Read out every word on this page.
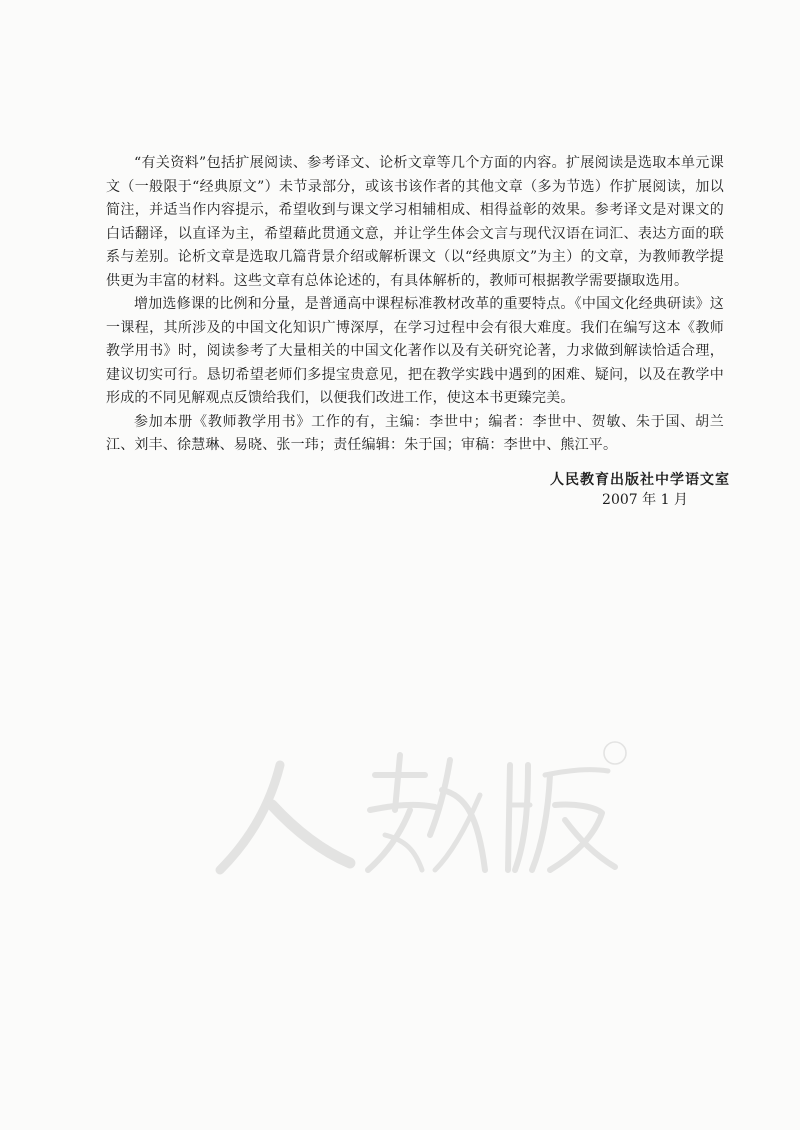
“有关资料”包括扩展阅读、参考译文、论析文章等几个方面的内容。扩展阅读是选取本单元课文（一般限于“经典原文”）未节录部分，或该书该作者的其他文章（多为节选）作扩展阅读，加以简注，并适当作内容提示，希望收到与课文学习相辅相成、相得益彰的效果。参考译文是对课文的白话翻译，以直译为主，希望藉此贯通文意，并让学生体会文言与现代汉语在词汇、表达方面的联系与差别。论析文章是选取几篇背景介绍或解析课文（以“经典原文”为主）的文章，为教师教学提供更为丰富的材料。这些文章有总体论述的，有具体解析的，教师可根据教学需要撷取选用。

增加选修课的比例和分量，是普通高中课程标准教材改革的重要特点。《中国文化经典研读》这一课程，其所涉及的中国文化知识广博深厚，在学习过程中会有很大难度。我们在编写这本《教师教学用书》时，阅读参考了大量相关的中国文化著作以及有关研究论著，力求做到解读恰适合理，建议切实可行。恳切希望老师们多提宝贵意见，把在教学实践中遇到的困难、疑问，以及在教学中形成的不同见解观点反馈给我们，以便我们改进工作，使这本书更臻完美。

参加本册《教师教学用书》工作的有，主编：李世中；编者：李世中、贺敏、朱于国、胡兰江、刘丰、徐慧琳、易晓、张一玮；责任编辑：朱于国；审稿：李世中、熊江平。

人民教育出版社中学语文室
2007 年 1 月
